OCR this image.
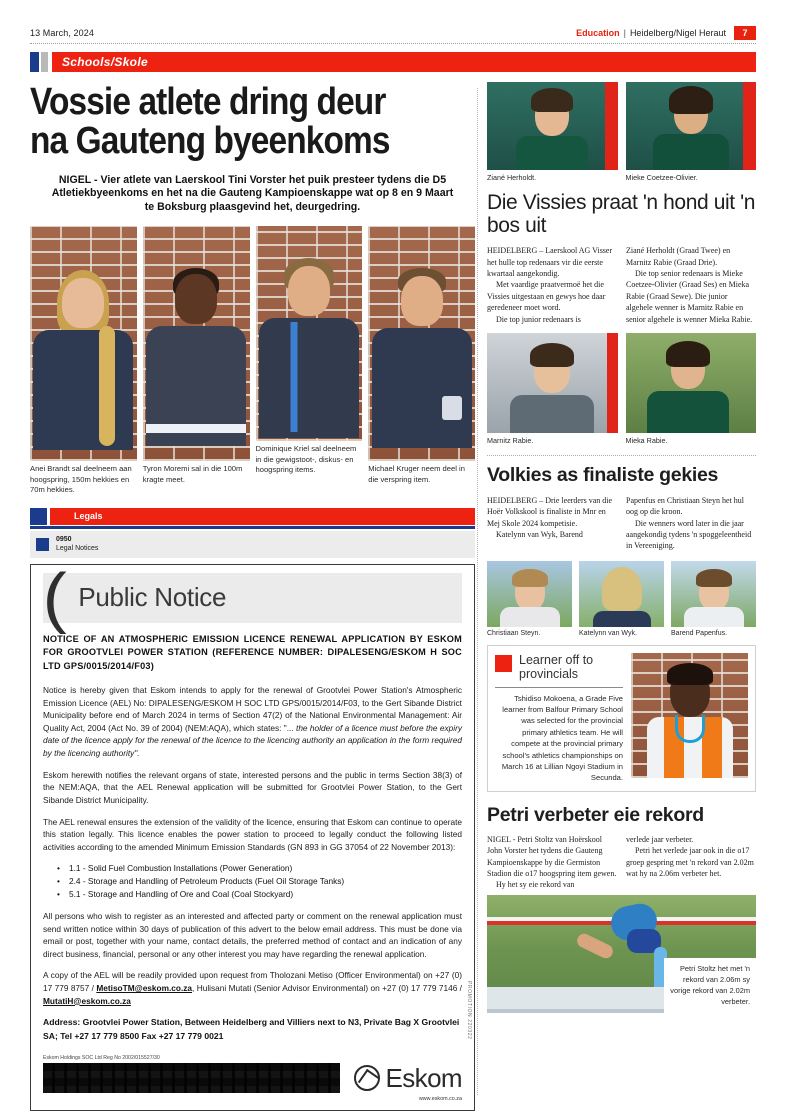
13 March, 2024	Education | Heidelberg/Nigel Heraut	7
Schools/Skole
Vossie atlete dring deur
na Gauteng byeenkoms
NIGEL - Vier atlete van Laerskool Tini Vorster het puik presteer tydens die D5 Atletiekbyeenkoms en het na die Gauteng Kampioenskappe wat op 8 en 9 Maart te Boksburg plaasgevind het, deurgedring.
Anei Brandt sal deelneem aan hoogspring, 150m hekkies en 70m hekkies.
Tyron Moremi sal in die 100m kragte meet.
Dominique Kriel sal deelneem in die gewigstoot-, diskus- en hoogspring items.	Michael Kruger neem deel in die verspring item.
Legals
0950
Legal Notices
PROMOTION 220322
( Public Notice
NOTICE OF AN ATMOSPHERIC EMISSION LICENCE RENEWAL APPLICATION BY ESKOM FOR GROOTVLEI POWER STATION (REFERENCE NUMBER: DIPALESENG/ESKOM H SOC LTD GPS/0015/2014/F03)
Notice is hereby given that Eskom intends to apply for the renewal of Grootvlei Power Station's Atmospheric Emission Licence (AEL) No: DIPALESENG/ESKOM H SOC LTD GPS/0015/2014/F03, to the Gert Sibande District Municipality before end of March 2024 in terms of Section 47(2) of the National Environmental Management: Air Quality Act, 2004 (Act No. 39 of 2004) (NEM:AQA), which states: "... the holder of a licence must before the expiry date of the licence apply for the renewal of the licence to the licencing authority an application in the form required by the licencing authority".
Eskom herewith notifies the relevant organs of state, interested persons and the public in terms Section 38(3) of the NEM:AQA, that the AEL Renewal application will be submitted for Grootvlei Power Station, to the Gert Sibande District Municipality.
The AEL renewal ensures the extension of the validity of the licence, ensuring that Eskom can continue to operate this station legally. This licence enables the power station to proceed to legally conduct the following listed activities according to the amended Minimum Emission Standards (GN 893 in GG 37054 of 22 November 2013):
• 1.1 - Solid Fuel Combustion Installations (Power Generation)
• 2.4 - Storage and Handling of Petroleum Products (Fuel Oil Storage Tanks)
• 5.1 - Storage and Handling of Ore and Coal (Coal Stockyard)
All persons who wish to register as an interested and affected party or comment on the renewal application must send written notice within 30 days of publication of this advert to the below email address. This must be done via email or post, together with your name, contact details, the preferred method of contact and an indication of any direct business, financial, personal or any other interest you may have regarding the renewal application.
A copy of the AEL will be readily provided upon request from Tholozani Metiso (Officer Environmental) on +27 (0) 17 779 8757 / MetisoTM@eskom.co.za, Hulisani Mutati (Senior Advisor Environmental) on +27 (0) 17 779 7146 / MutatiH@eskom.co.za
Address: Grootvlei Power Station, Between Heidelberg and Villiers next to N3, Private Bag X Grootvlei SA; Tel +27 17 779 8500 Fax +27 17 779 0021
Eskom Holdings SOC Ltd Reg No 2002/015527/30
Eskom
www.eskom.co.za
Ziané Herholdt.	Mieke Coetzee-Olivier.
Die Vissies praat 'n hond uit 'n bos uit

HEIDELBERG – Laerskool AG Visser het hulle top redenaars vir die eerste kwartaal aangekondig.

Met vaardige praatvermoë het die Vissies uitgestaan en gewys hoe daar geredeneer moet word.

Die top junior redenaars is

Ziané Herholdt (Graad Twee) en Marnitz Rabie (Graad Drie).

Die top senior redenaars is Mieke Coetzee-Olivier (Graad Ses) en Mieka Rabie (Graad Sewe). Die junior algehele wenner is Marnitz Rabie en senior algehele is wenner Mieka Rabie.

Marnitz Rabie.	Mieka Rabie.
Volkies as finaliste gekies

HEIDELBERG – Drie leerders van die Hoër Volkskool is finaliste in Mnr en Mej Skole 2024 kompetisie.

Katelynn van Wyk, Barend

Papenfus en Christiaan Steyn het hul oog op die kroon.

Die wenners word later in die jaar aangekondig tydens 'n spoggeleentheid in Vereeniging.

Christiaan Steyn.	Katelynn van Wyk.	Barend Papenfus.
Learner off to provincials
Tshidiso Mokoena, a Grade Five learner from Balfour Primary School was selected for the provincial primary athletics team. He will compete at the provincial primary school's athletics championships on March 16 at Lillian Ngoyi Stadium in Secunda.
Petri verbeter eie rekord

NIGEL - Petri Stoltz van Hoërskool John Vorster het tydens die Gauteng Kampioenskappe by die Germiston Stadion die o17 hoogspring item gewen.

Hy het sy eie rekord van

verlede jaar verbeter.

Petri het verlede jaar ook in die o17 groep gespring met 'n rekord van 2.02m wat hy na 2.06m verbeter het.

Petri Stoltz het met 'n rekord van 2.06m sy vorige rekord van 2.02m verbeter.
